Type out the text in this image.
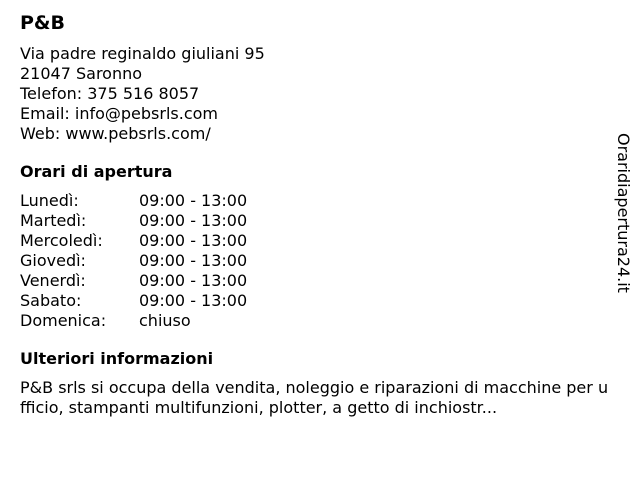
P&B
Via padre reginaldo giuliani 95
21047 Saronno
Telefon: 375 516 8057
Email: info@pebsrls.com
Web: www.pebsrls.com/
Orari di apertura
Lunedì:	09:00 - 13:00
Martedì:	09:00 - 13:00
Mercoledì:	09:00 - 13:00
Giovedì:	09:00 - 13:00
Venerdì:	09:00 - 13:00
Sabato:	09:00 - 13:00
Domenica:	chiuso
Ulteriori informazioni
P&B srls si occupa della vendita, noleggio e riparazioni di macchine per ufficio, stampanti multifunzioni, plotter, a getto di inchiostr...
Oraridiapertura24.it
